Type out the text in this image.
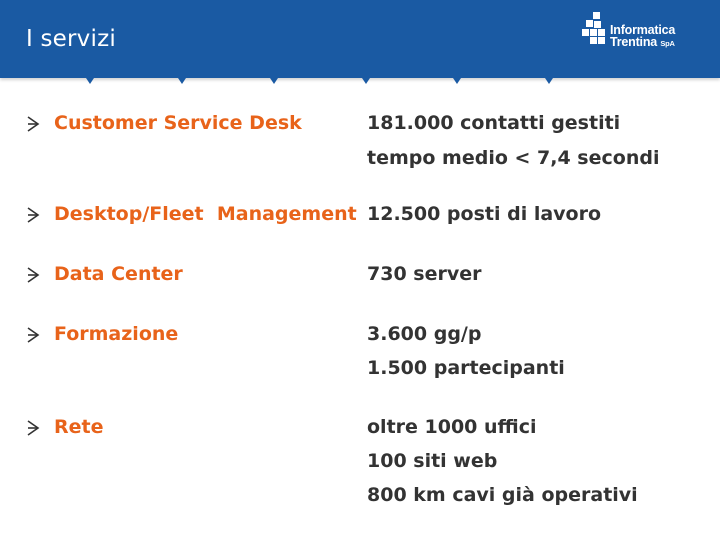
I servizi	Informatica
Trentina SpA
Customer Service Desk	181.000 contatti gestiti
tempo medio < 7,4 secondi
Desktop/Fleet  Management 12.500 posti di lavoro
Data Center	730 server
Formazione	3.600 gg/p
1.500 partecipanti
Rete	oltre 1000 uffici
100 siti web
800 km cavi già operativi
